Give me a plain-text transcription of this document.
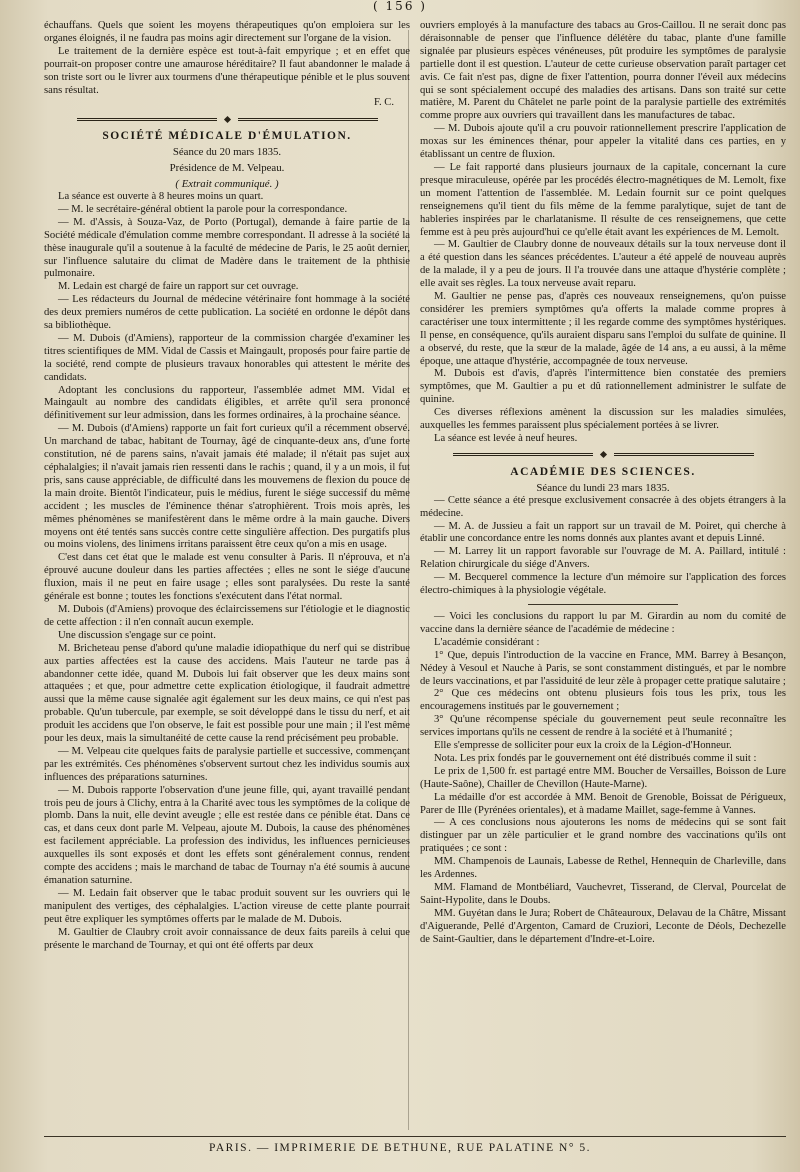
( 156 )

échauffans. Quels que soient les moyens thérapeutiques qu'on emploiera sur les organes éloignés, il ne faudra pas moins agir directement sur l'organe de la vision.

Le traitement de la dernière espèce est tout-à-fait empyrique ; et en effet que pourrait-on proposer contre une amaurose héréditaire? Il faut abandonner le malade à son triste sort ou le livrer aux tourmens d'une thérapeutique pénible et le plus souvent sans résultat.

F. C.

SOCIÉTÉ MÉDICALE D'ÉMULATION.

Séance du 20 mars 1835.

Présidence de M. Velpeau.

( Extrait communiqué. )

La séance est ouverte à 8 heures moins un quart.

— M. le secrétaire-général obtient la parole pour la correspondance.

— M. d'Assis, à Souza-Vaz, de Porto (Portugal), demande à faire partie de la Société médicale d'émulation comme membre correspondant. Il adresse à la société la thèse inaugurale qu'il a soutenue à la faculté de médecine de Paris, le 25 août dernier, sur l'influence salutaire du climat de Madère dans le traitement de la phthisie pulmonaire.

M. Ledain est chargé de faire un rapport sur cet ouvrage.

— Les rédacteurs du Journal de médecine vétérinaire font hommage à la société des deux premiers numéros de cette publication. La société en ordonne le dépôt dans sa bibliothèque.

— M. Dubois (d'Amiens), rapporteur de la commission chargée d'examiner les titres scientifiques de MM. Vidal de Cassis et Maingault, proposés pour faire partie de la société, rend compte de plusieurs travaux honorables qui attestent le mérite des candidats.

Adoptant les conclusions du rapporteur, l'assemblée admet MM. Vidal et Maingault au nombre des candidats éligibles, et arrête qu'il sera prononcé définitivement sur leur admission, dans les formes ordinaires, à la prochaine séance.

— M. Dubois (d'Amiens) rapporte un fait fort curieux qu'il a récemment observé. Un marchand de tabac, habitant de Tournay, âgé de cinquante-deux ans, d'une forte constitution, né de parens sains, n'avait jamais été malade; il n'était pas sujet aux céphalalgies; il n'avait jamais rien ressenti dans le rachis ; quand, il y a un mois, il fut pris, sans cause appréciable, de difficulté dans les mouvemens de flexion du pouce de la main droite. Bientôt l'indicateur, puis le médius, furent le siége successif du même accident ; les muscles de l'éminence thénar s'atrophièrent. Trois mois après, les mêmes phénomènes se manifestèrent dans le même ordre à la main gauche. Divers moyens ont été tentés sans succès contre cette singulière affection. Des purgatifs plus ou moins violens, des linimens irritans paraissent être ceux qu'on a mis en usage.

C'est dans cet état que le malade est venu consulter à Paris. Il n'éprouva, et n'a éprouvé aucune douleur dans les parties affectées ; elles ne sont le siége d'aucune fluxion, mais il ne peut en faire usage ; elles sont paralysées. Du reste la santé générale est bonne ; toutes les fonctions s'exécutent dans l'état normal.

M. Dubois (d'Amiens) provoque des éclaircissemens sur l'étiologie et le diagnostic de cette affection : il n'en connaît aucun exemple.

Une discussion s'engage sur ce point.

M. Bricheteau pense d'abord qu'une maladie idiopathique du nerf qui se distribue aux parties affectées est la cause des accidens. Mais l'auteur ne tarde pas à abandonner cette idée, quand M. Dubois lui fait observer que les deux mains sont attaquées ; et que, pour admettre cette explication étiologique, il faudrait admettre aussi que la même cause signalée agit également sur les deux mains, ce qui n'est pas probable. Qu'un tubercule, par exemple, se soit développé dans le tissu du nerf, et ait produit les accidens que l'on observe, le fait est possible pour une main ; il l'est même pour les deux, mais la simultanéité de cette cause la rend précisément peu probable.

— M. Velpeau cite quelques faits de paralysie partielle et successive, commençant par les extrémités. Ces phénomènes s'observent surtout chez les individus soumis aux influences des préparations saturnines.

— M. Dubois rapporte l'observation d'une jeune fille, qui, ayant travaillé pendant trois peu de jours à Clichy, entra à la Charité avec tous les symptômes de la colique de plomb. Dans la nuit, elle devint aveugle ; elle est restée dans ce pénible état. Dans ce cas, et dans ceux dont parle M. Velpeau, ajoute M. Dubois, la cause des phénomènes est facilement appréciable. La profession des individus, les influences pernicieuses auxquelles ils sont exposés et dont les effets sont généralement connus, rendent compte des accidens ; mais le marchand de tabac de Tournay n'a été soumis à aucune émanation saturnine.

— M. Ledain fait observer que le tabac produit souvent sur les ouvriers qui le manipulent des vertiges, des céphalalgies. L'action vireuse de cette plante pourrait peut être expliquer les symptômes offerts par le malade de M. Dubois.

M. Gaultier de Claubry croit avoir connaissance de deux faits pareils à celui que présente le marchand de Tournay, et qui ont été offerts par deux

ouvriers employés à la manufacture des tabacs au Gros-Caillou. Il ne serait donc pas déraisonnable de penser que l'influence délétère du tabac, plante d'une famille signalée par plusieurs espèces vénéneuses, pût produire les symptômes de paralysie partielle dont il est question. L'auteur de cette curieuse observation paraît partager cet avis. Ce fait n'est pas, digne de fixer l'attention, pourra donner l'éveil aux médecins qui se sont spécialement occupé des maladies des artisans. Dans son traité sur cette matière, M. Parent du Châtelet ne parle point de la paralysie partielle des extrémités comme propre aux ouvriers qui travaillent dans les manufactures de tabac.

— M. Dubois ajoute qu'il a cru pouvoir rationnellement prescrire l'application de moxas sur les éminences thénar, pour appeler la vitalité dans ces parties, en y établissant un centre de fluxion.

— Le fait rapporté dans plusieurs journaux de la capitale, concernant la cure presque miraculeuse, opérée par les procédés électro-magnétiques de M. Lemolt, fixe un moment l'attention de l'assemblée. M. Ledain fournit sur ce point quelques renseignemens qu'il tient du fils même de la femme paralytique, sujet de tant de hableries inspirées par le charlatanisme. Il résulte de ces renseignemens, que cette femme est à peu près aujourd'hui ce qu'elle était avant les expériences de M. Lemolt.

— M. Gaultier de Claubry donne de nouveaux détails sur la toux nerveuse dont il a été question dans les séances précédentes. L'auteur a été appelé de nouveau auprès de la malade, il y a peu de jours. Il l'a trouvée dans une attaque d'hystérie complète ; elle avait ses règles. La toux nerveuse avait reparu.

M. Gaultier ne pense pas, d'après ces nouveaux renseignemens, qu'on puisse considérer les premiers symptômes qu'a offerts la malade comme propres à caractériser une toux intermittente ; il les regarde comme des symptômes hystériques. Il pense, en conséquence, qu'ils auraient disparu sans l'emploi du sulfate de quinine. Il a observé, du reste, que la sœur de la malade, âgée de 14 ans, a eu aussi, à la même époque, une attaque d'hystérie, accompagnée de toux nerveuse.

M. Dubois est d'avis, d'après l'intermittence bien constatée des premiers symptômes, que M. Gaultier a pu et dû rationnellement administrer le sulfate de quinine.

Ces diverses réflexions amènent la discussion sur les maladies simulées, auxquelles les femmes paraissent plus spécialement portées à se livrer.

La séance est levée à neuf heures.

ACADÉMIE DES SCIENCES.

Séance du lundi 23 mars 1835.

— Cette séance a été presque exclusivement consacrée à des objets étrangers à la médecine.

— M. A. de Jussieu a fait un rapport sur un travail de M. Poiret, qui cherche à établir une concordance entre les noms donnés aux plantes avant et depuis Linné.

— M. Larrey lit un rapport favorable sur l'ouvrage de M. A. Paillard, intitulé : Relation chirurgicale du siége d'Anvers.

— M. Becquerel commence la lecture d'un mémoire sur l'application des forces électro-chimiques à la physiologie végétale.

— Voici les conclusions du rapport lu par M. Girardin au nom du comité de vaccine dans la dernière séance de l'académie de médecine :

L'académie considérant :

1° Que, depuis l'introduction de la vaccine en France, MM. Barrey à Besançon, Nédey à Vesoul et Nauche à Paris, se sont constamment distingués, et par le nombre de leurs vaccinations, et par l'assiduité de leur zèle à propager cette pratique salutaire ;

2° Que ces médecins ont obtenu plusieurs fois tous les prix, tous les encouragemens institués par le gouvernement ;

3° Qu'une récompense spéciale du gouvernement peut seule reconnaître les services importans qu'ils ne cessent de rendre à la société et à l'humanité ;

Elle s'empresse de solliciter pour eux la croix de la Légion-d'Honneur.

Nota. Les prix fondés par le gouvernement ont été distribués comme il suit :

Le prix de 1,500 fr. est partagé entre MM. Boucher de Versailles, Boisson de Lure (Haute-Saône), Chailler de Chevillon (Haute-Marne).

La médaille d'or est accordée à MM. Benoit de Grenoble, Boissat de Périgueux, Parer de Ille (Pyrénées orientales), et à madame Maillet, sage-femme à Vannes.

— A ces conclusions nous ajouterons les noms de médecins qui se sont fait distinguer par un zèle particulier et le grand nombre des vaccinations qu'ils ont pratiquées ; ce sont :

MM. Champenois de Launais, Labesse de Rethel, Hennequin de Charleville, dans les Ardennes.

MM. Flamand de Montbéliard, Vauchevret, Tisserand, de Clerval, Pourcelat de Saint-Hypolite, dans le Doubs.

MM. Guyétan dans le Jura; Robert de Châteauroux, Delavau de la Châtre, Missant d'Aiguerande, Pellé d'Argenton, Camard de Cruziori, Leconte de Déols, Dechezelle de Saint-Gaultier, dans le département d'Indre-et-Loire.

PARIS. — IMPRIMERIE DE BETHUNE, RUE PALATINE N° 5.
